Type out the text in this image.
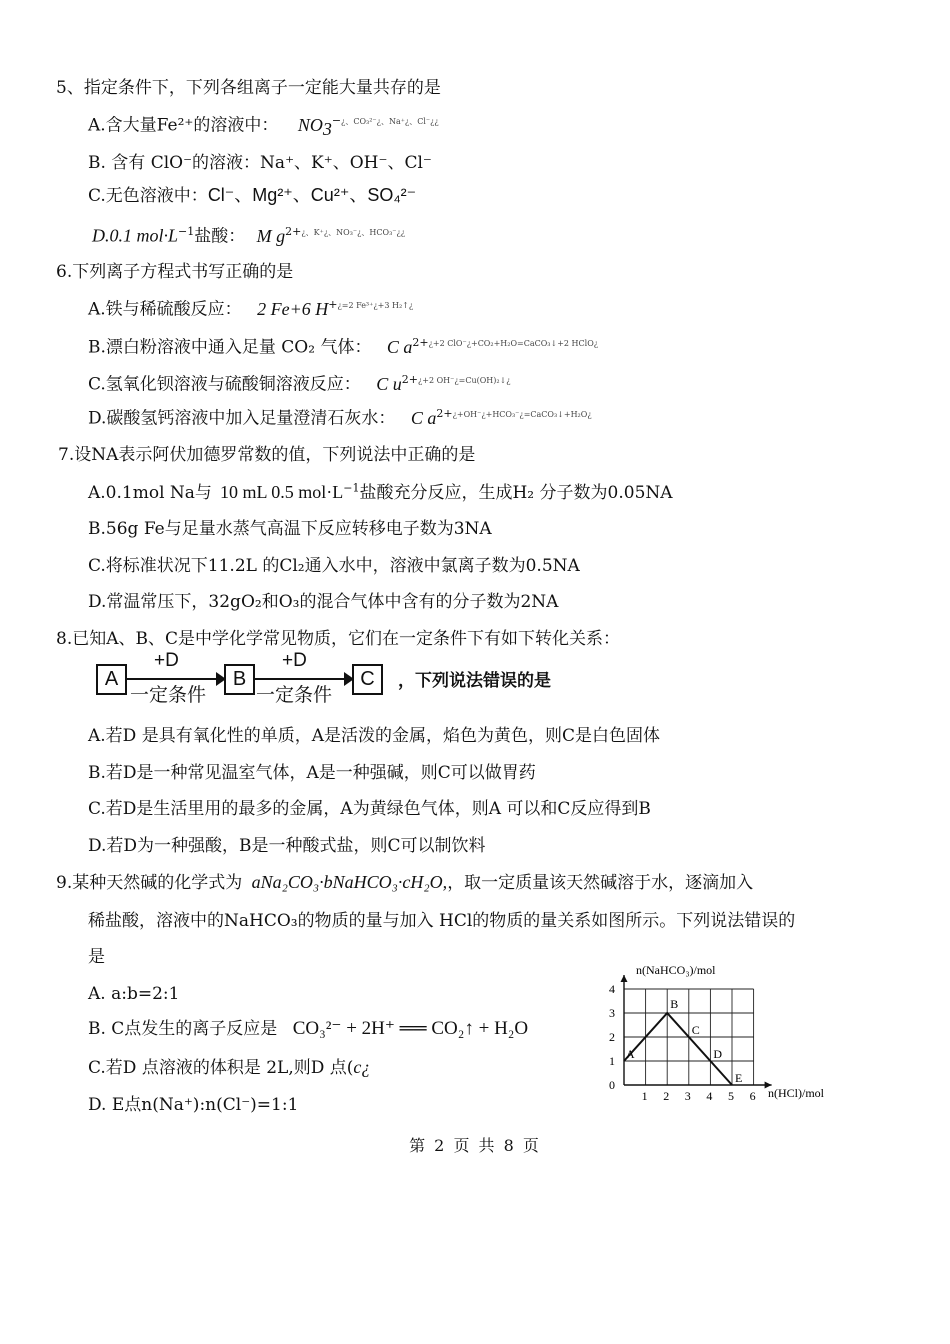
5、指定条件下，下列各组离子一定能大量共存的是
A.含大量Fe²⁺的溶液中： $NO_3^{-¿、CO_3^{2-}¿、Na^+¿、Cl^-¿¿}$
B. 含有 ClO⁻的溶液：Na⁺、K⁺、OH⁻、Cl⁻
C.无色溶液中：Cl⁻、Mg²⁺、Cu²⁺、SO₄²⁻
D.0.1 $mol\cdot L^{-1}$盐酸： M $g^{2+¿、K^+¿、NO_3^-¿、HCO_3^-¿¿}$
6.下列离子方程式书写正确的是
A.铁与稀硫酸反应： 2 Fe+6 $H^{+¿=2 Fe^{3+}¿+3 H_2↑¿}$
B.漂白粉溶液中通入足量 CO₂ 气体： C $a^{2+¿+2 ClO^-¿+CO_2+H_2O=CaCO_3↓+2 HClO¿}$
C.氢氧化钡溶液与硫酸铜溶液反应： C $u^{2+¿+2 OH^-¿=Cu(OH)_2↓¿}$
D.碳酸氢钙溶液中加入足量澄清石灰水： C $a^{2+¿+OH^-¿+HCO_3^-¿=CaCO_3↓+H_2O¿}$
7.设NA表示阿伏加德罗常数的值，下列说法中正确的是
A.0.1mol Na与 10 mL 0.5 $mol\cdot L^{-1}$盐酸充分反应，生成H₂ 分子数为0.05NA
B.56g Fe与足量水蒸气高温下反应转移电子数为3NA
C.将标准状况下11.2L 的Cl₂通入水中，溶液中氯离子数为0.5NA
D.常温常压下，32gO₂和O₃的混合气体中含有的分子数为2NA
8.已知A、B、C是中学化学常见物质，它们在一定条件下有如下转化关系：
A
+D
一定条件
B
+D
一定条件
C	，下列说法错误的是
A.若D 是具有氧化性的单质，A是活泼的金属，焰色为黄色，则C是白色固体
B.若D是一种常见温室气体，A是一种强碱，则C可以做胃药
C.若D是生活里用的最多的金属，A为黄绿色气体，则A 可以和C反应得到B
D.若D为一种强酸，B是一种酸式盐，则C可以制饮料
9.某种天然碱的化学式为 aNa₂CO₃·bNaHCO₃·cH₂O,，取一定质量该天然碱溶于水，逐滴加入
稀盐酸，溶液中的NaHCO₃的物质的量与加入 HCl的物质的量关系如图所示。下列说法错误的
是
A. a:b=2:1
B. C点发生的离子反应是 CO₃²⁻ + 2H⁺ ══ CO₂↑ + H₂O
C.若D 点溶液的体积是 2L,则D 点(c¿
D. E点n(Na⁺):n(Cl⁻)=1:1
n(NaHCO₃)/mol
n(HCl)/mol
1 2 3 4 5 6
0
1
2
3
4
A
B
C
D
E
第 2 页 共 8 页
